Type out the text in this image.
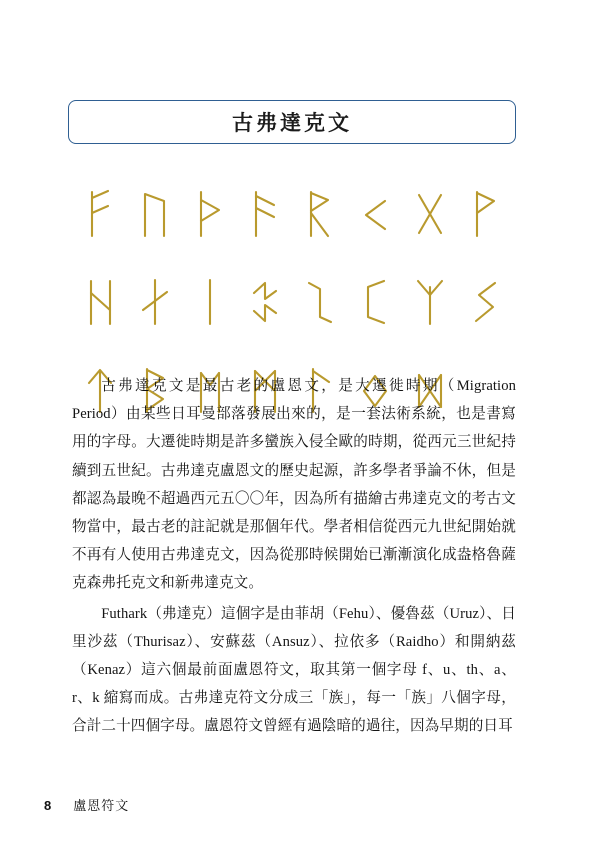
古弗達克文

古弗達克文是最古老的盧恩文，是大遷徙時期（Migration Period）由某些日耳曼部落發展出來的，是一套法術系統，也是書寫用的字母。大遷徙時期是許多蠻族入侵全歐的時期，從西元三世紀持續到五世紀。古弗達克盧恩文的歷史起源，許多學者爭論不休，但是都認為最晚不超過西元五〇〇年，因為所有描繪古弗達克文的考古文物當中，最古老的註記就是那個年代。學者相信從西元九世紀開始就不再有人使用古弗達克文，因為從那時候開始已漸漸演化成盎格魯薩克森弗托克文和新弗達克文。

Futhark（弗達克）這個字是由菲胡（Fehu）、優魯茲（Uruz）、日里沙茲（Thurisaz）、安蘇茲（Ansuz）、拉依多（Raidho）和開納茲（Kenaz）這六個最前面盧恩符文，取其第一個字母 f、u、th、a、r、k 縮寫而成。古弗達克符文分成三「族」，每一「族」八個字母，合計二十四個字母。盧恩符文曾經有過陰暗的過往，因為早期的日耳

8 盧恩符文
